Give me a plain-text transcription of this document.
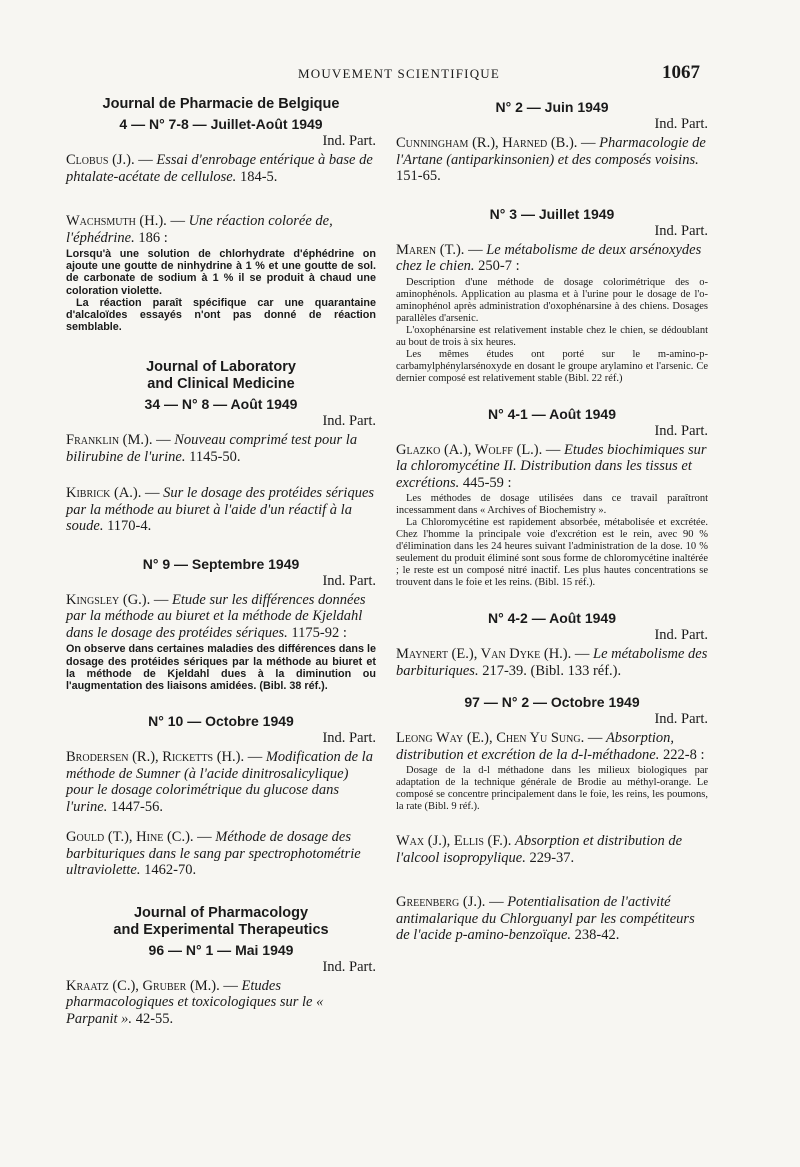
MOUVEMENT SCIENTIFIQUE	1067
Journal de Pharmacie de Belgique
4 — N° 7-8 — Juillet-Août 1949
Ind. Part.
Clobus (J.). — Essai d'enrobage entérique à base de phtalate-acétate de cellulose. 184-5.
Wachsmuth (H.). — Une réaction colorée de, l'éphédrine. 186 :

Lorsqu'à une solution de chlorhydrate d'éphédrine on ajoute une goutte de ninhydrine à 1 % et une goutte de sol. de carbonate de sodium à 1 % il se produit à chaud une coloration violette.

La réaction paraît spécifique car une quarantaine d'alcaloïdes essayés n'ont pas donné de réaction semblable.

Journal of Laboratory
and Clinical Medicine
34 — N° 8 — Août 1949
Ind. Part.
Franklin (M.). — Nouveau comprimé test pour la bilirubine de l'urine. 1145-50.
Kibrick (A.). — Sur le dosage des protéides sériques par la méthode au biuret à l'aide d'un réactif à la soude. 1170-4.
N° 9 — Septembre 1949
Ind. Part.
Kingsley (G.). — Etude sur les différences données par la méthode au biuret et la méthode de Kjeldahl dans le dosage des protéides sériques. 1175-92 :
On observe dans certaines maladies des différences dans le dosage des protéides sériques par la méthode au biuret et la méthode de Kjeldahl dues à la diminution ou l'augmentation des liaisons amidées. (Bibl. 38 réf.).
N° 10 — Octobre 1949
Ind. Part.
Brodersen (R.), Ricketts (H.). — Modification de la méthode de Sumner (à l'acide dinitrosalicylique) pour le dosage colorimétrique du glucose dans l'urine. 1447-56.
Gould (T.), Hine (C.). — Méthode de dosage des barbituriques dans le sang par spectrophotométrie ultraviolette. 1462-70.
Journal of Pharmacology
and Experimental Therapeutics
96 — N° 1 — Mai 1949
Ind. Part.
Kraatz (C.), Gruber (M.). — Etudes pharmacologiques et toxicologiques sur le « Parpanit ». 42-55.
N° 2 — Juin 1949
Ind. Part.
Cunningham (R.), Harned (B.). — Pharmacologie de l'Artane (antiparkinsonien) et des composés voisins. 151-65.
N° 3 — Juillet 1949
Ind. Part.
Maren (T.). — Le métabolisme de deux arsénoxydes chez le chien. 250-7 :

Description d'une méthode de dosage colorimétrique des o-aminophénols. Application au plasma et à l'urine pour le dosage de l'o-aminophénol après administration d'oxophénarsine à des chiens. Dosages parallèles d'arsenic.

L'oxophénarsine est relativement instable chez le chien, se dédoublant au bout de trois à six heures.

Les mêmes études ont porté sur le m-amino-p-carbamylphénylarsénoxyde en dosant le groupe arylamino et l'arsenic. Ce dernier composé est relativement stable (Bibl. 22 réf.)

N° 4-1 — Août 1949
Ind. Part.
Glazko (A.), Wolff (L.). — Etudes biochimiques sur la chloromycétine II. Distribution dans les tissus et excrétions. 445-59 :

Les méthodes de dosage utilisées dans ce travail paraîtront incessamment dans « Archives of Biochemistry ».

La Chloromycétine est rapidement absorbée, métabolisée et excrétée. Chez l'homme la principale voie d'excrétion est le rein, avec 90 % d'élimination dans les 24 heures suivant l'administration de la dose. 10 % seulement du produit éliminé sont sous forme de chloromycétine inaltérée ; le reste est un composé nitré inactif. Les plus hautes concentrations se trouvent dans le foie et les reins. (Bibl. 15 réf.).

N° 4-2 — Août 1949
Ind. Part.
Maynert (E.), Van Dyke (H.). — Le métabolisme des barbituriques. 217-39. (Bibl. 133 réf.).
97 — N° 2 — Octobre 1949
Ind. Part.
Leong Way (E.), Chen Yu Sung. — Absorption, distribution et excrétion de la d-l-méthadone. 222-8 :

Dosage de la d-l méthadone dans les milieux biologiques par adaptation de la technique générale de Brodie au méthyl-orange. Le composé se concentre principalement dans le foie, les reins, les poumons, la rate (Bibl. 9 réf.).

Wax (J.), Ellis (F.). Absorption et distribution de l'alcool isopropylique. 229-37.
Greenberg (J.). — Potentialisation de l'activité antimalarique du Chlorguanyl par les compétiteurs de l'acide p-amino-benzoïque. 238-42.
